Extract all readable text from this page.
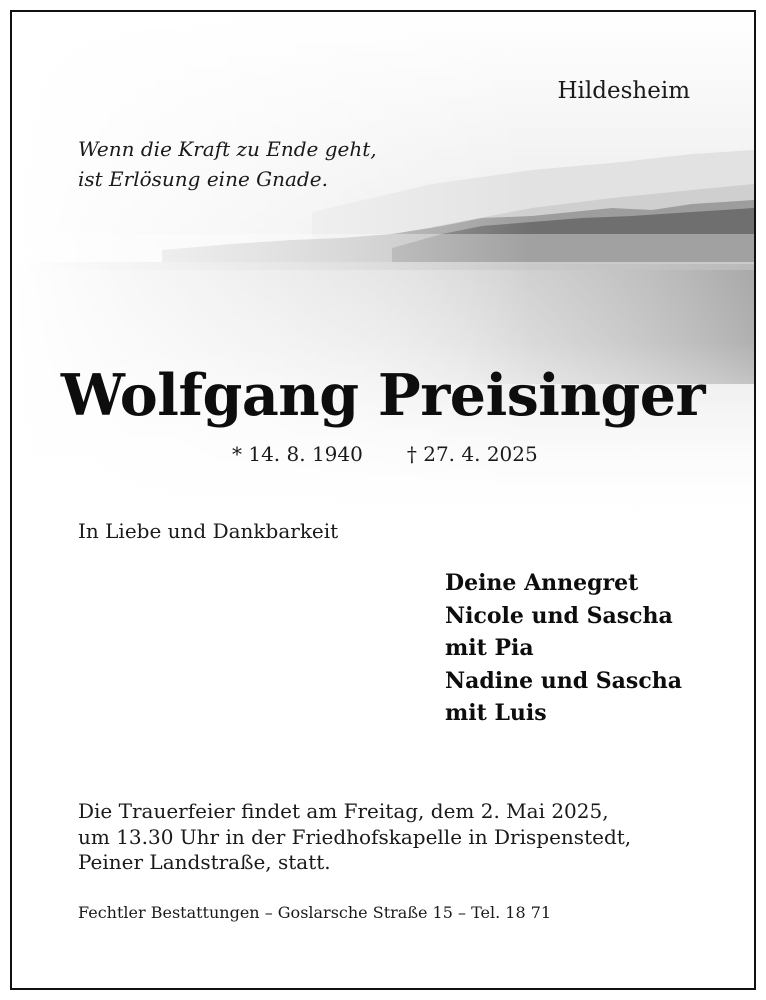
Hildesheim
Wenn die Kraft zu Ende geht,
ist Erlösung eine Gnade.
Wolfgang Preisinger
* 14. 8. 1940 † 27. 4. 2025
In Liebe und Dankbarkeit
Deine Annegret
Nicole und Sascha
mit Pia
Nadine und Sascha
mit Luis
Die Trauerfeier findet am Freitag, dem 2. Mai 2025,
um 13.30 Uhr in der Friedhofskapelle in Drispenstedt,
Peiner Landstraße, statt.
Fechtler Bestattungen – Goslarsche Straße 15 – Tel. 18 71
